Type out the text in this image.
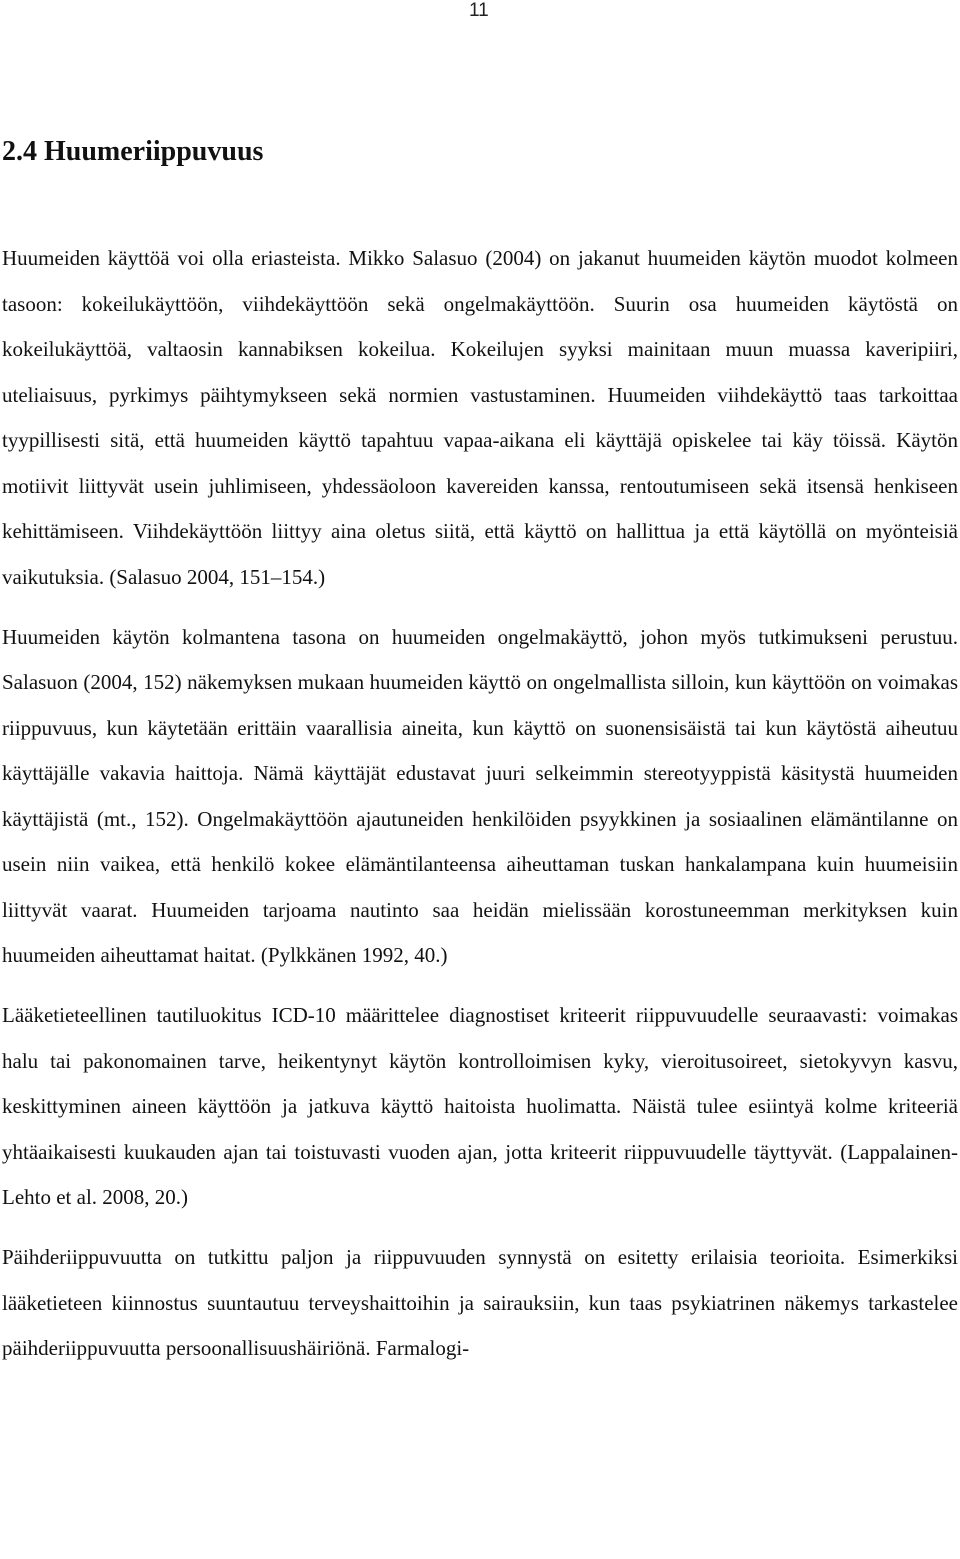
11
2.4 Huumeriippuvuus

Huumeiden käyttöä voi olla eriasteista. Mikko Salasuo (2004) on jakanut huumeiden käytön muodot kolmeen tasoon: kokeilukäyttöön, viihdekäyttöön sekä ongelmakäyttöön. Suurin osa huumeiden käytöstä on kokeilukäyttöä, valtaosin kannabiksen kokeilua. Kokeilujen syyksi mainitaan muun muassa kaveripiiri, uteliaisuus, pyrkimys päihtymykseen sekä normien vastustaminen. Huumeiden viihdekäyttö taas tarkoittaa tyypillisesti sitä, että huumeiden käyttö tapahtuu vapaa-aikana eli käyttäjä opiskelee tai käy töissä. Käytön motiivit liittyvät usein juhlimiseen, yhdessäoloon kavereiden kanssa, rentoutumiseen sekä itsensä henkiseen kehittämiseen. Viihdekäyttöön liittyy aina oletus siitä, että käyttö on hallittua ja että käytöllä on myönteisiä vaikutuksia. (Salasuo 2004, 151–154.)

Huumeiden käytön kolmantena tasona on huumeiden ongelmakäyttö, johon myös tutkimukseni perustuu. Salasuon (2004, 152) näkemyksen mukaan huumeiden käyttö on ongelmallista silloin, kun käyttöön on voimakas riippuvuus, kun käytetään erittäin vaarallisia aineita, kun käyttö on suonensisäistä tai kun käytöstä aiheutuu käyttäjälle vakavia haittoja. Nämä käyttäjät edustavat juuri selkeimmin stereotyyppistä käsitystä huumeiden käyttäjistä (mt., 152). Ongelmakäyttöön ajautuneiden henkilöiden psyykkinen ja sosiaalinen elämäntilanne on usein niin vaikea, että henkilö kokee elämäntilanteensa aiheuttaman tuskan hankalampana kuin huumeisiin liittyvät vaarat. Huumeiden tarjoama nautinto saa heidän mielissään korostuneemman merkityksen kuin huumeiden aiheuttamat haitat. (Pylkkänen 1992, 40.)

Lääketieteellinen tautiluokitus ICD-10 määrittelee diagnostiset kriteerit riippuvuudelle seuraavasti: voimakas halu tai pakonomainen tarve, heikentynyt käytön kontrolloimisen kyky, vieroitusoireet, sietokyvyn kasvu, keskittyminen aineen käyttöön ja jatkuva käyttö haitoista huolimatta. Näistä tulee esiintyä kolme kriteeriä yhtäaikaisesti kuukauden ajan tai toistuvasti vuoden ajan, jotta kriteerit riippuvuudelle täyttyvät. (Lappalainen-Lehto et al. 2008, 20.)

Päihderiippuvuutta on tutkittu paljon ja riippuvuuden synnystä on esitetty erilaisia teorioita. Esimerkiksi lääketieteen kiinnostus suuntautuu terveyshaittoihin ja sairauksiin, kun taas psykiatrinen näkemys tarkastelee päihderiippuvuutta persoonallisuushäiriönä. Farmalogi-
